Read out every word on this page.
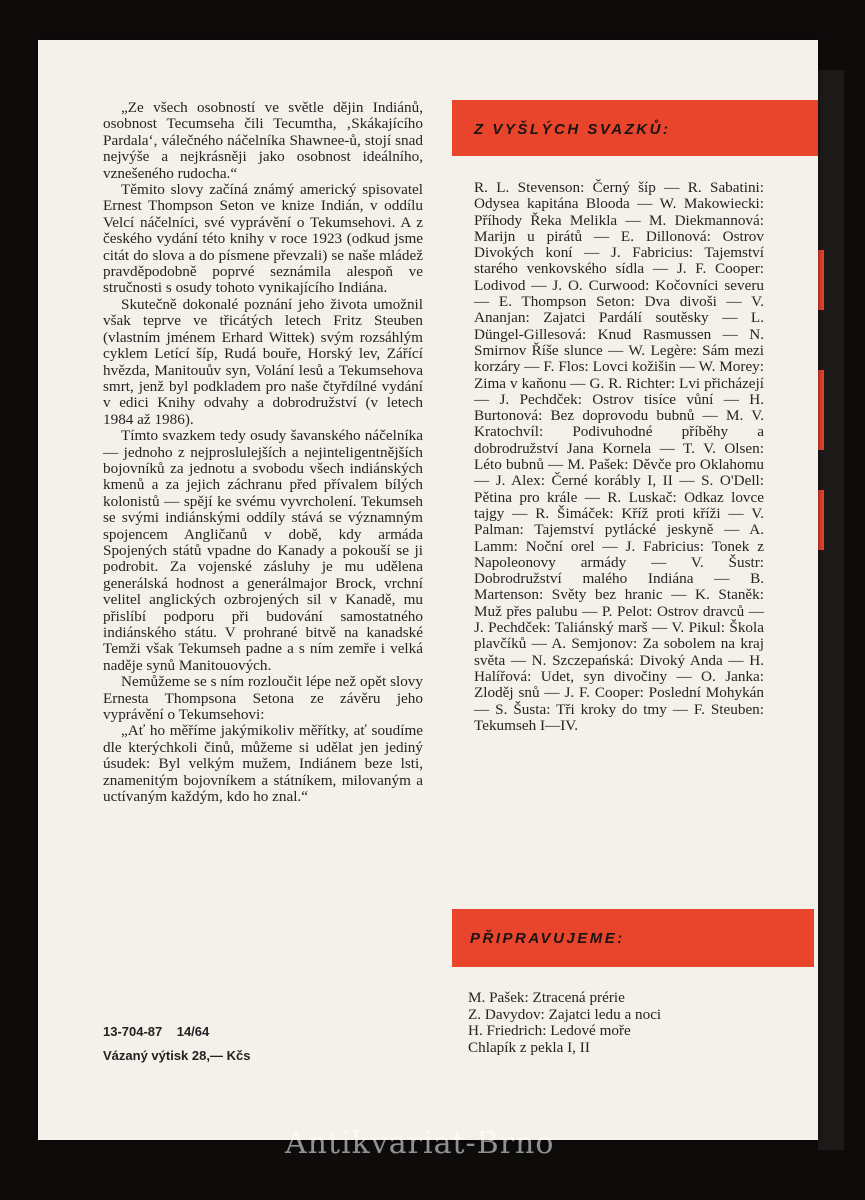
„Ze všech osobností ve světle dějin Indiánů, osobnost Tecumseha čili Tecumtha, ‚Skákajícího Pardala‘, válečného náčelníka Shawnee-ů, stojí snad nejvýše a nejkrásněji jako osobnost ideálního, vznešeného rudocha.“

Těmito slovy začíná známý americký spisovatel Ernest Thompson Seton ve knize Indián, v oddílu Velcí náčelníci, své vyprávění o Tekumsehovi. A z českého vydání této knihy v roce 1923 (odkud jsme citát do slova a do písmene převzali) se naše mládež pravděpodobně poprvé seznámila alespoň ve stručnosti s osudy tohoto vynikajícího Indiána.

Skutečně dokonalé poznání jeho života umožnil však teprve ve třicátých letech Fritz Steuben (vlastním jménem Erhard Wittek) svým rozsáhlým cyklem Letící šíp, Rudá bouře, Horský lev, Zářící hvězda, Manitouův syn, Volání lesů a Tekumsehova smrt, jenž byl podkladem pro naše čtyřdílné vydání v edici Knihy odvahy a dobrodružství (v letech 1984 až 1986).

Tímto svazkem tedy osudy šavanského náčelníka — jednoho z nejproslulejších a nejinteligentnějších bojovníků za jednotu a svobodu všech indiánských kmenů a za jejich záchranu před přívalem bílých kolonistů — spějí ke svému vyvrcholení. Tekumseh se svými indiánskými oddíly stává se významným spojencem Angličanů v době, kdy armáda Spojených států vpadne do Kanady a pokouší se ji podrobit. Za vojenské zásluhy je mu udělena generálská hodnost a generálmajor Brock, vrchní velitel anglických ozbrojených sil v Kanadě, mu přislíbí podporu při budování samostatného indiánského státu. V prohrané bitvě na kanadské Temži však Tekumseh padne a s ním zemře i velká naděje synů Manitouových.

Nemůžeme se s ním rozloučit lépe než opět slovy Ernesta Thompsona Setona ze závěru jeho vyprávění o Tekumsehovi:

„Ať ho měříme jakýmikoliv měřítky, ať soudíme dle kterýchkoli činů, můžeme si udělat jen jediný úsudek: Byl velkým mužem, Indiánem beze lsti, znamenitým bojovníkem a státníkem, milovaným a uctívaným každým, kdo ho znal.“

13-704-87    14/64
Vázaný výtisk 28,— Kčs
Z VYŠLÝCH SVAZKŮ:
R. L. Stevenson: Černý šíp — R. Sabatini: Odysea kapitána Blooda — W. Makowiecki: Příhody Řeka Melikla — M. Diekmannová: Marijn u pirátů — E. Dillonová: Ostrov Divokých koní — J. Fabricius: Tajemství starého venkovského sídla — J. F. Cooper: Lodivod — J. O. Curwood: Kočovníci severu — E. Thompson Seton: Dva divoši — V. Ananjan: Zajatci Pardálí soutěsky — L. Düngel-Gillesová: Knud Rasmussen — N. Smirnov Říše slunce — W. Legère: Sám mezi korzáry — F. Flos: Lovci kožišin — W. Morey: Zima v kaňonu — G. R. Richter: Lvi přicházejí — J. Pechdček: Ostrov tisíce vůní — H. Burtonová: Bez doprovodu bubnů — M. V. Kratochvíl: Podivuhodné příběhy a dobrodružství Jana Kornela — T. V. Olsen: Léto bubnů — M. Pašek: Děvče pro Oklahomu — J. Alex: Černé korábly I, II — S. O'Dell: Pětina pro krále — R. Luskač: Odkaz lovce tajgy — R. Šimáček: Kříž proti kříži — V. Palman: Tajemství pytlácké jeskyně — A. Lamm: Noční orel — J. Fabricius: Tonek z Napoleonovy armády — V. Šustr: Dobrodružství malého Indiána — B. Martenson: Světy bez hranic — K. Staněk: Muž přes palubu — P. Pelot: Ostrov dravců — J. Pechdček: Taliánský marš — V. Pikul: Škola plavčíků — A. Semjonov: Za sobolem na kraj světa — N. Szczepańská: Divoký Anda — H. Halířová: Udet, syn divočiny — O. Janka: Zloděj snů — J. F. Cooper: Poslední Mohykán — S. Šusta: Tři kroky do tmy — F. Steuben: Tekumseh I—IV.
PŘIPRAVUJEME:
M. Pašek: Ztracená prérie
Z. Davydov: Zajatci ledu a noci
H. Friedrich: Ledové moře
Chlapík z pekla I, II
Antikvariat-Brno
